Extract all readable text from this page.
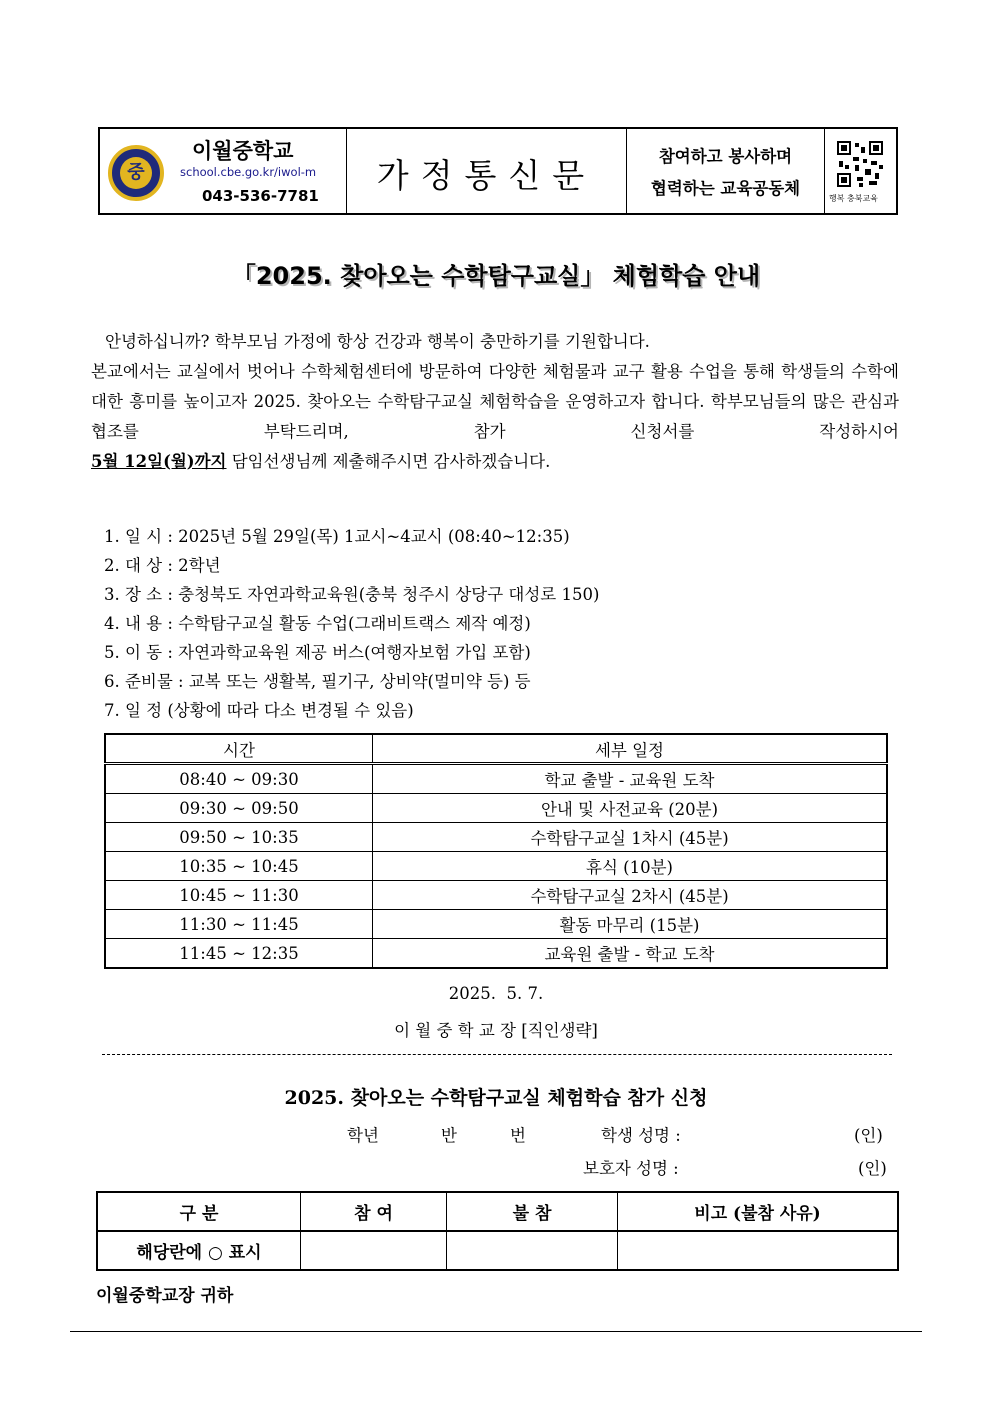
중
이월중학교
school.cbe.go.kr/iwol-m
043-536-7781
가정통신문	참여하고 봉사하며
협력하는 교육공동체
행복 충북교육
「2025. 찾아오는 수학탐구교실」 체험학습 안내

안녕하십니까? 학부모님 가정에 항상 건강과 행복이 충만하기를 기원합니다.

본교에서는 교실에서 벗어나 수학체험센터에 방문하여 다양한 체험물과 교구 활용 수업을 통해 학생들의 수학에 대한 흥미를 높이고자 2025. 찾아오는 수학탐구교실 체험학습을 운영하고자 합니다. 학부모님들의 많은 관심과 협조를 부탁드리며, 참가 신청서를 작성하시어

5월 12일(월)까지 담임선생님께 제출해주시면 감사하겠습니다.

1. 일 시 : 2025년 5월 29일(목) 1교시~4교시 (08:40~12:35)
2. 대 상 : 2학년
3. 장 소 : 충청북도 자연과학교육원(충북 청주시 상당구 대성로 150)
4. 내 용 : 수학탐구교실 활동 수업(그래비트랙스 제작 예정)
5. 이 동 : 자연과학교육원 제공 버스(여행자보험 가입 포함)
6. 준비물 : 교복 또는 생활복, 필기구, 상비약(멀미약 등) 등
7. 일 정 (상황에 따라 다소 변경될 수 있음)
시간	세부 일정
08:40 ~ 09:30	학교 출발 - 교육원 도착
09:30 ~ 09:50	안내 및 사전교육 (20분)
09:50 ~ 10:35	수학탐구교실 1차시 (45분)
10:35 ~ 10:45	휴식 (10분)
10:45 ~ 11:30	수학탐구교실 2차시 (45분)
11:30 ~ 11:45	활동 마무리 (15분)
11:45 ~ 12:35	교육원 출발 - 학교 도착
2025.  5. 7.
이 월 중 학 교 장 [직인생략]
2025. 찾아오는 수학탐구교실 체험학습 참가 신청
학년	반	번	학생 성명 :	(인)
보호자 성명 :	(인)
구 분	참 여	불 참	비고 (불참 사유)
해당란에 ○ 표시			
이월중학교장 귀하
